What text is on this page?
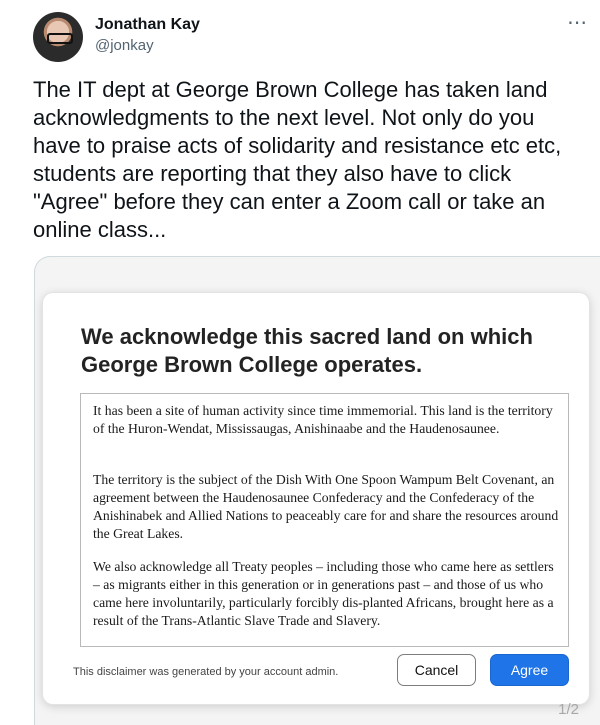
Jonathan Kay
@jonkay
⋯
The IT dept at George Brown College has taken land acknowledgments to the next level. Not only do you have to praise acts of solidarity and resistance etc etc, students are reporting that they also have to click "Agree" before they can enter a Zoom call or take an online class...
We acknowledge this sacred land on which George Brown College operates.

It has been a site of human activity since time immemorial. This land is the territory of the Huron-Wendat, Mississaugas, Anishinaabe and the Haudenosaunee.

The territory is the subject of the Dish With One Spoon Wampum Belt Covenant, an agreement between the Haudenosaunee Confederacy and the Confederacy of the Anishinabek and Allied Nations to peaceably care for and share the resources around the Great Lakes.

We also acknowledge all Treaty peoples – including those who came here as settlers – as migrants either in this generation or in generations past – and those of us who came here involuntarily, particularly forcibly dis-planted Africans, brought here as a result of the Trans-Atlantic Slave Trade and Slavery.

This disclaimer was generated by your account admin.	Cancel	Agree
1/2
